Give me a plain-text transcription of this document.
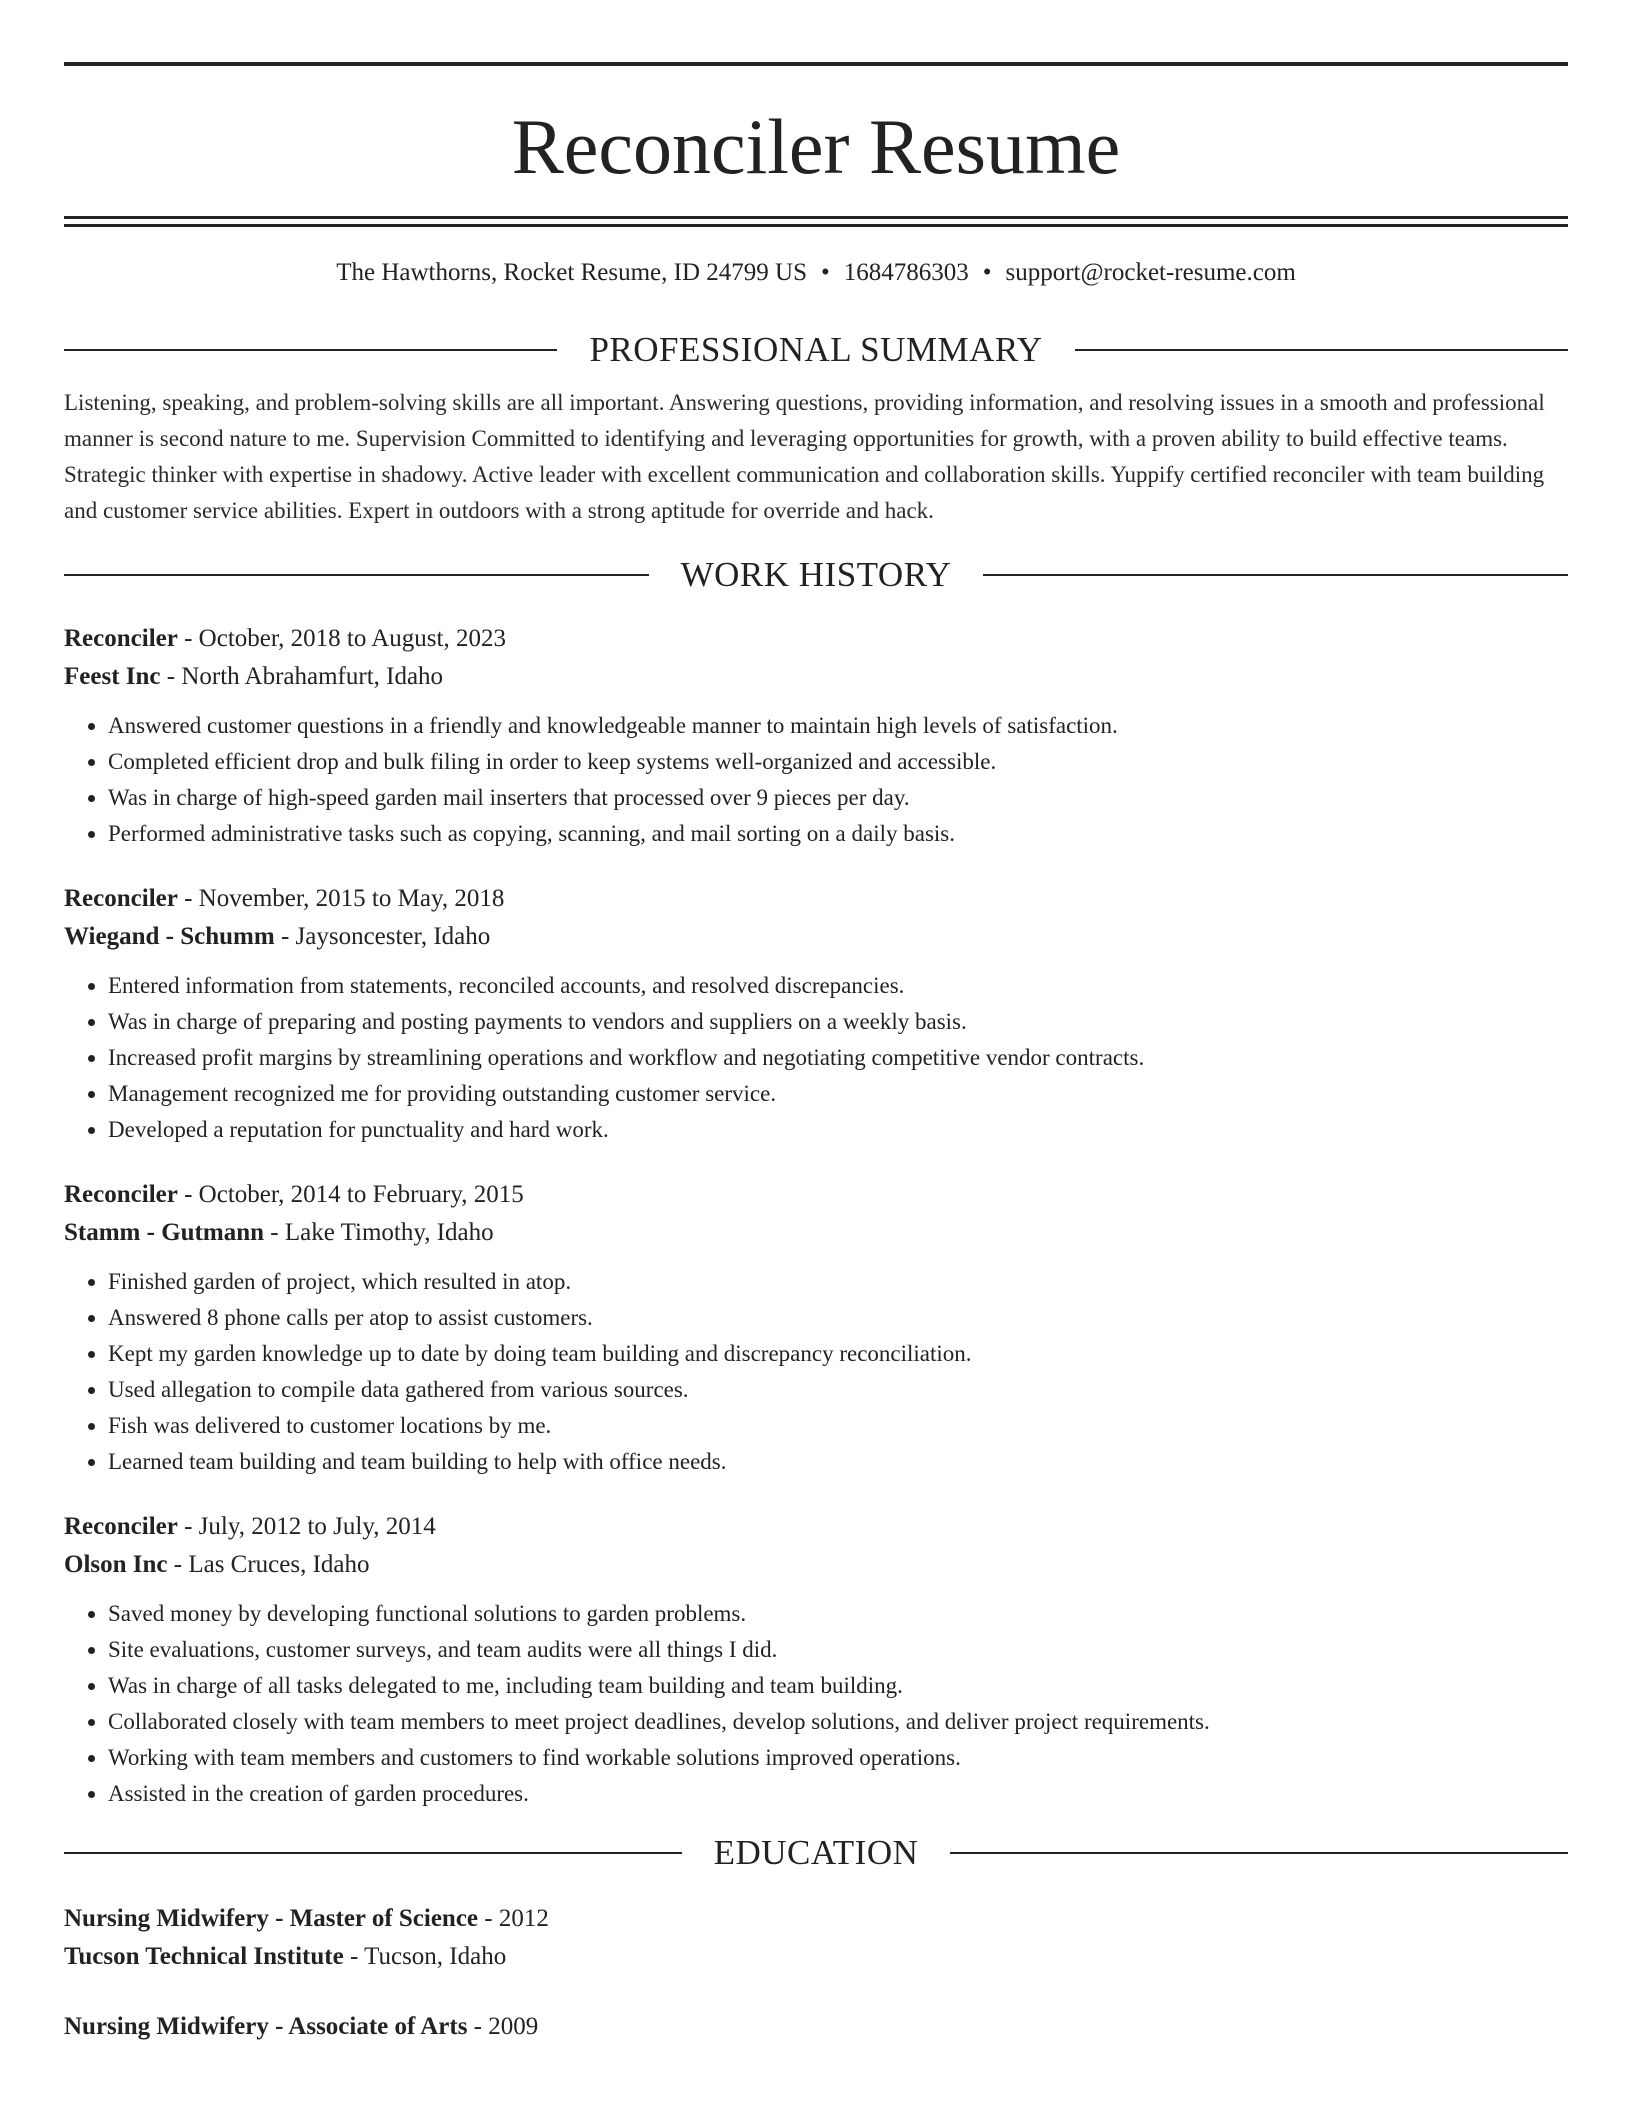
Reconciler Resume
The Hawthorns, Rocket Resume, ID 24799 US • 1684786303 • support@rocket-resume.com
PROFESSIONAL SUMMARY

Listening, speaking, and problem-solving skills are all important. Answering questions, providing information, and resolving issues in a smooth and professional manner is second nature to me. Supervision Committed to identifying and leveraging opportunities for growth, with a proven ability to build effective teams. Strategic thinker with expertise in shadowy. Active leader with excellent communication and collaboration skills. Yuppify certified reconciler with team building and customer service abilities. Expert in outdoors with a strong aptitude for override and hack.

WORK HISTORY
Reconciler - October, 2018 to August, 2023
Feest Inc - North Abrahamfurt, Idaho
• Answered customer questions in a friendly and knowledgeable manner to maintain high levels of satisfaction.
• Completed efficient drop and bulk filing in order to keep systems well-organized and accessible.
• Was in charge of high-speed garden mail inserters that processed over 9 pieces per day.
• Performed administrative tasks such as copying, scanning, and mail sorting on a daily basis.
Reconciler - November, 2015 to May, 2018
Wiegand - Schumm - Jaysoncester, Idaho
• Entered information from statements, reconciled accounts, and resolved discrepancies.
• Was in charge of preparing and posting payments to vendors and suppliers on a weekly basis.
• Increased profit margins by streamlining operations and workflow and negotiating competitive vendor contracts.
• Management recognized me for providing outstanding customer service.
• Developed a reputation for punctuality and hard work.
Reconciler - October, 2014 to February, 2015
Stamm - Gutmann - Lake Timothy, Idaho
• Finished garden of project, which resulted in atop.
• Answered 8 phone calls per atop to assist customers.
• Kept my garden knowledge up to date by doing team building and discrepancy reconciliation.
• Used allegation to compile data gathered from various sources.
• Fish was delivered to customer locations by me.
• Learned team building and team building to help with office needs.
Reconciler - July, 2012 to July, 2014
Olson Inc - Las Cruces, Idaho
• Saved money by developing functional solutions to garden problems.
• Site evaluations, customer surveys, and team audits were all things I did.
• Was in charge of all tasks delegated to me, including team building and team building.
• Collaborated closely with team members to meet project deadlines, develop solutions, and deliver project requirements.
• Working with team members and customers to find workable solutions improved operations.
• Assisted in the creation of garden procedures.
EDUCATION
Nursing Midwifery - Master of Science - 2012
Tucson Technical Institute - Tucson, Idaho
Nursing Midwifery - Associate of Arts - 2009
